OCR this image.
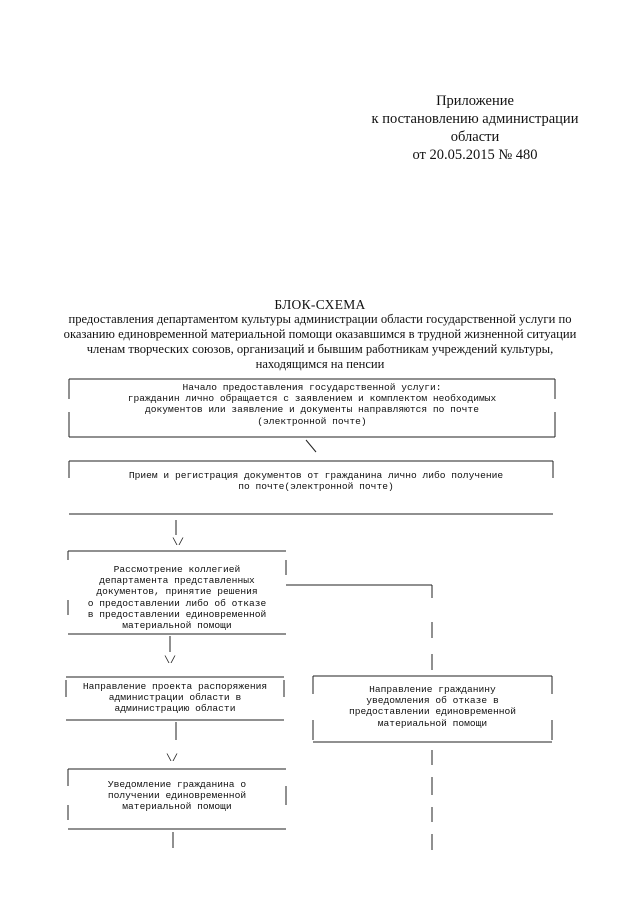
Приложение
к постановлению администрации
области
от 20.05.2015 № 480
БЛОК-СХЕМА
предоставления департаментом культуры администрации области государственной услуги по
оказанию единовременной материальной помощи оказавшимся в трудной жизненной ситуации
членам творческих союзов, организаций и бывшим работникам учреждений культуры,
находящимся на пенсии
\/
\/
\/
Начало предоставления государственной услуги:
гражданин лично обращается с заявлением и комплектом необходимых
документов или заявление и документы направляются по почте
(электронной почте)
Прием и регистрация документов от гражданина лично либо получение
по почте(электронной почте)
Рассмотрение коллегией
департамента представленных
документов, принятие решения
о предоставлении либо об отказе
в предоставлении единовременной
материальной помощи
Направление проекта распоряжения
администрации области в
администрацию области
Направление гражданину
уведомления об отказе в
предоставлении единовременной
материальной помощи
Уведомление гражданина о
получении единовременной
материальной помощи
